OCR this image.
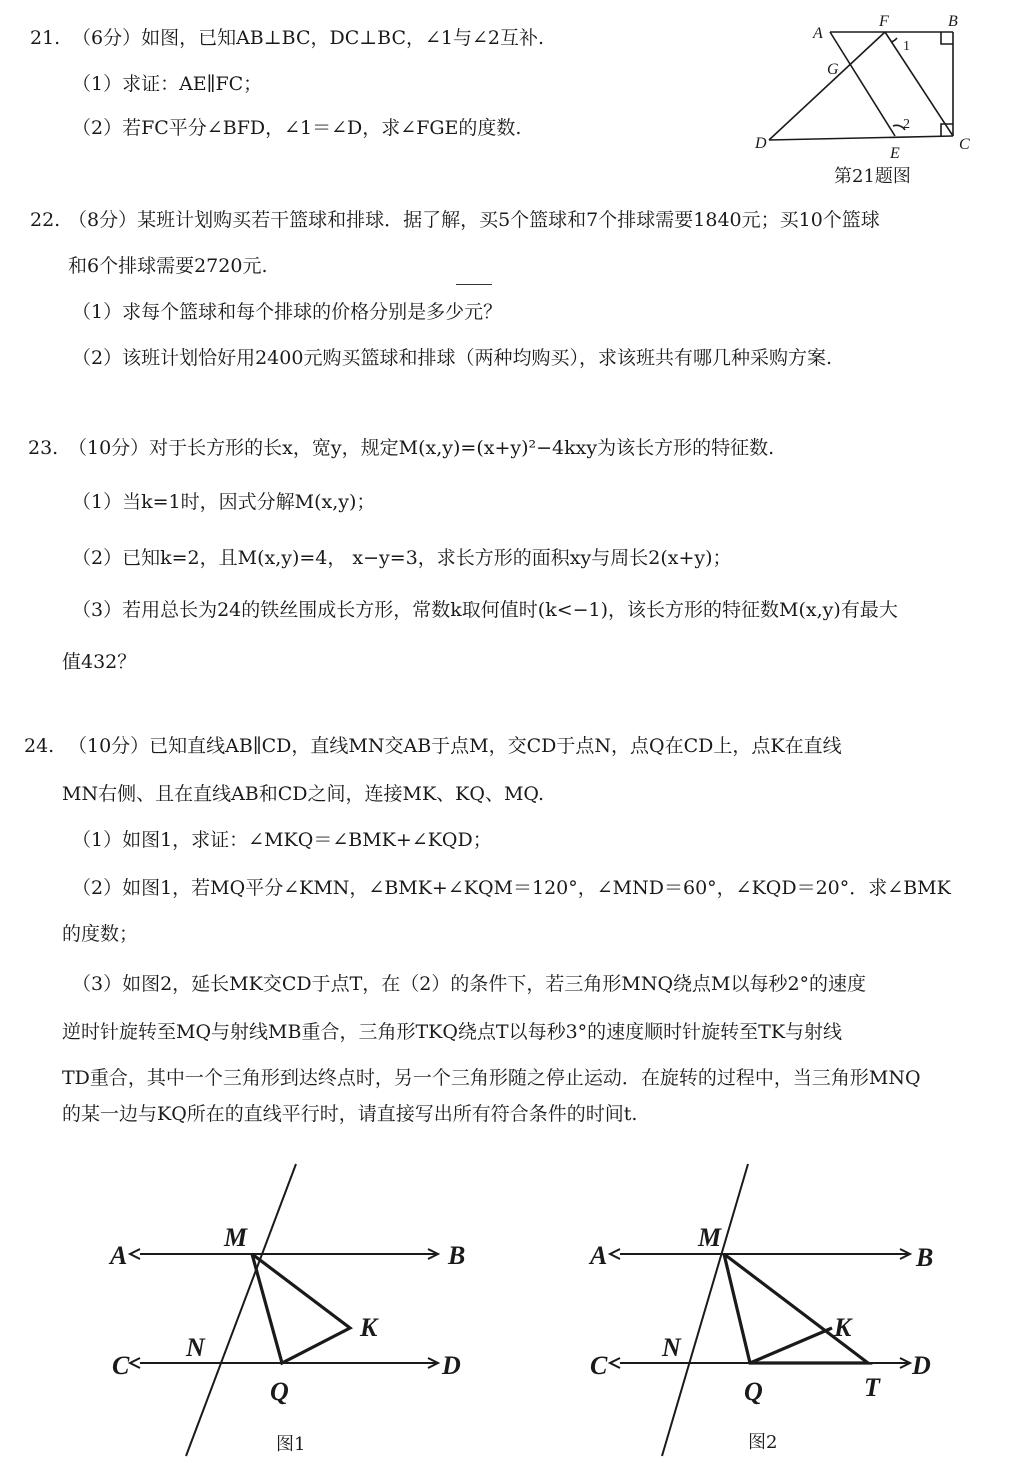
21. （6分）如图，已知AB⊥BC，DC⊥BC，∠1与∠2互补.
（1）求证：AE∥FC；
（2）若FC平分∠BFD，∠1＝∠D，求∠FGE的度数.
A
F	B
G
1
2
D
E
C
第21题图
22. （8分）某班计划购买若干篮球和排球．据了解，买5个篮球和7个排球需要1840元；买10个篮球
和6个排球需要2720元.
（1）求每个篮球和每个排球的价格分别是多少元？
（2）该班计划恰好用2400元购买篮球和排球（两种均购买），求该班共有哪几种采购方案.
23. （10分）对于长方形的长x，宽y，规定M(x,y)=(x+y)²−4kxy为该长方形的特征数.
（1）当k=1时，因式分解M(x,y)；
（2）已知k=2，且M(x,y)=4， x−y=3，求长方形的面积xy与周长2(x+y)；
（3）若用总长为24的铁丝围成长方形，常数k取何值时(k<−1)，该长方形的特征数M(x,y)有最大
值432？
24. （10分）已知直线AB∥CD，直线MN交AB于点M，交CD于点N，点Q在CD上，点K在直线
MN右侧、且在直线AB和CD之间，连接MK、KQ、MQ.
（1）如图1，求证：∠MKQ＝∠BMK+∠KQD；
（2）如图1，若MQ平分∠KMN，∠BMK+∠KQM＝120°，∠MND＝60°，∠KQD＝20°．求∠BMK
的度数；
（3）如图2，延长MK交CD于点T，在（2）的条件下，若三角形MNQ绕点M以每秒2°的速度
逆时针旋转至MQ与射线MB重合，三角形TKQ绕点T以每秒3°的速度顺时针旋转至TK与射线
TD重合，其中一个三角形到达终点时，另一个三角形随之停止运动．在旋转的过程中，当三角形MNQ
的某一边与KQ所在的直线平行时，请直接写出所有符合条件的时间t.
A
M
B
K
C
N
D
Q
图1
A
M
B
K
C
N
D
Q	T
图2
